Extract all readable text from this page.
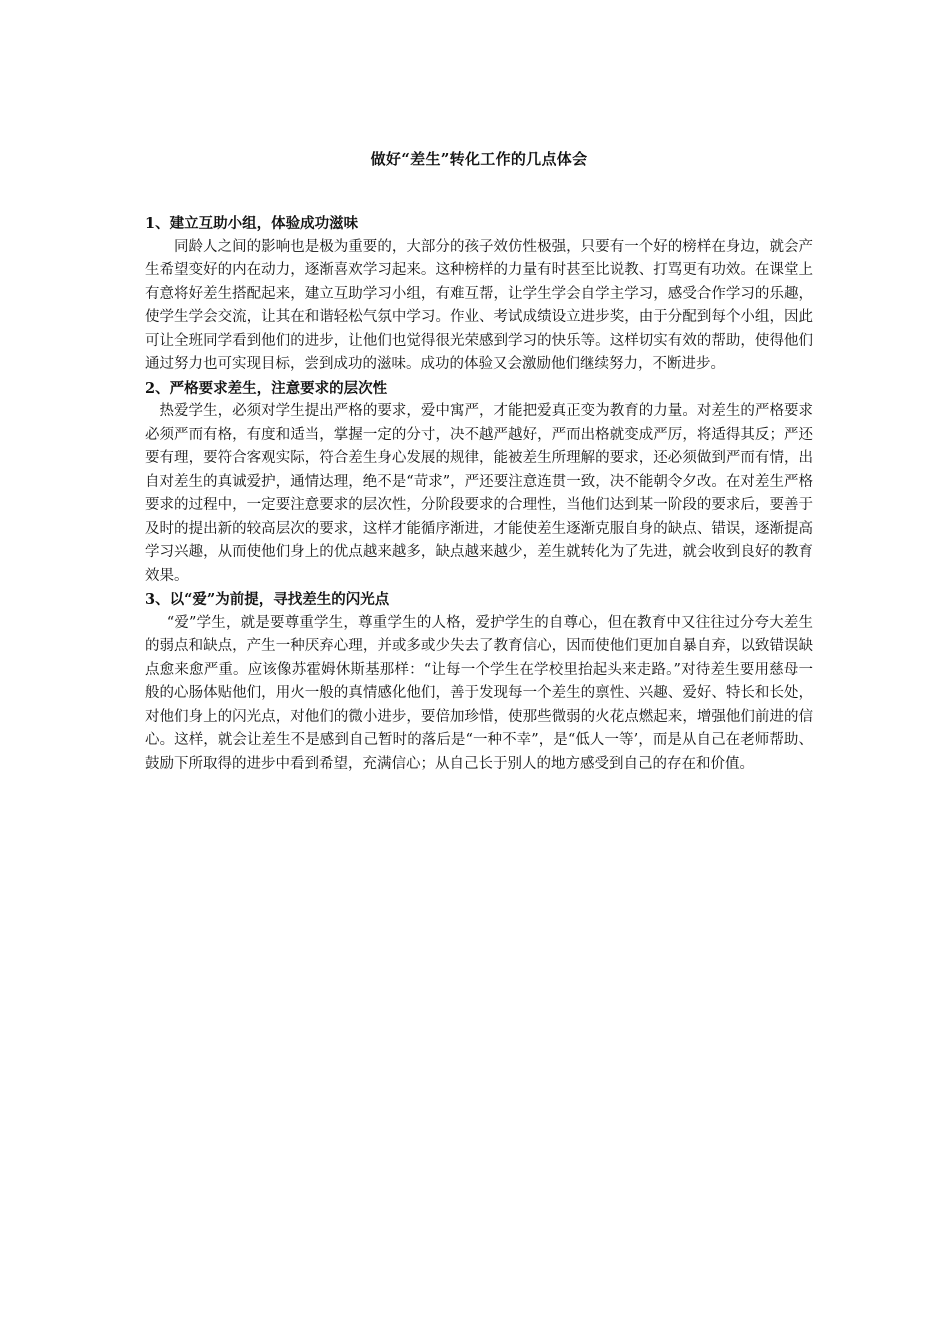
做好“差生”转化工作的几点体会
1、建立互助小组，体验成功滋味

同龄人之间的影响也是极为重要的，大部分的孩子效仿性极强，只要有一个好的榜样在身边，就会产生希望变好的内在动力，逐渐喜欢学习起来。这种榜样的力量有时甚至比说教、打骂更有功效。在课堂上有意将好差生搭配起来，建立互助学习小组，有难互帮，让学生学会自学主学习，感受合作学习的乐趣，使学生学会交流，让其在和谐轻松气氛中学习。作业、考试成绩设立进步奖，由于分配到每个小组，因此可让全班同学看到他们的进步，让他们也觉得很光荣感到学习的快乐等。这样切实有效的帮助，使得他们通过努力也可实现目标，尝到成功的滋味。成功的体验又会激励他们继续努力，不断进步。

2、严格要求差生，注意要求的层次性

热爱学生，必须对学生提出严格的要求，爱中寓严，才能把爱真正变为教育的力量。对差生的严格要求必须严而有格，有度和适当，掌握一定的分寸，决不越严越好，严而出格就变成严厉，将适得其反；严还要有理，要符合客观实际，符合差生身心发展的规律，能被差生所理解的要求，还必须做到严而有情，出自对差生的真诚爱护，通情达理，绝不是“苛求”，严还要注意连贯一致，决不能朝令夕改。在对差生严格要求的过程中，一定要注意要求的层次性，分阶段要求的合理性，当他们达到某一阶段的要求后，要善于及时的提出新的较高层次的要求，这样才能循序渐进，才能使差生逐渐克服自身的缺点、错误，逐渐提高学习兴趣，从而使他们身上的优点越来越多，缺点越来越少，差生就转化为了先进，就会收到良好的教育效果。

3、以“爱”为前提，寻找差生的闪光点

“爱”学生，就是要尊重学生，尊重学生的人格，爱护学生的自尊心，但在教育中又往往过分夸大差生的弱点和缺点，产生一种厌弃心理，并或多或少失去了教育信心，因而使他们更加自暴自弃，以致错误缺点愈来愈严重。应该像苏霍姆休斯基那样：“让每一个学生在学校里抬起头来走路。”对待差生要用慈母一般的心肠体贴他们，用火一般的真情感化他们，善于发现每一个差生的禀性、兴趣、爱好、特长和长处，对他们身上的闪光点，对他们的微小进步，要倍加珍惜，使那些微弱的火花点燃起来，增强他们前进的信心。这样，就会让差生不是感到自己暂时的落后是“一种不幸”，是“低人一等’，而是从自己在老师帮助、鼓励下所取得的进步中看到希望，充满信心；从自己长于别人的地方感受到自己的存在和价值。
